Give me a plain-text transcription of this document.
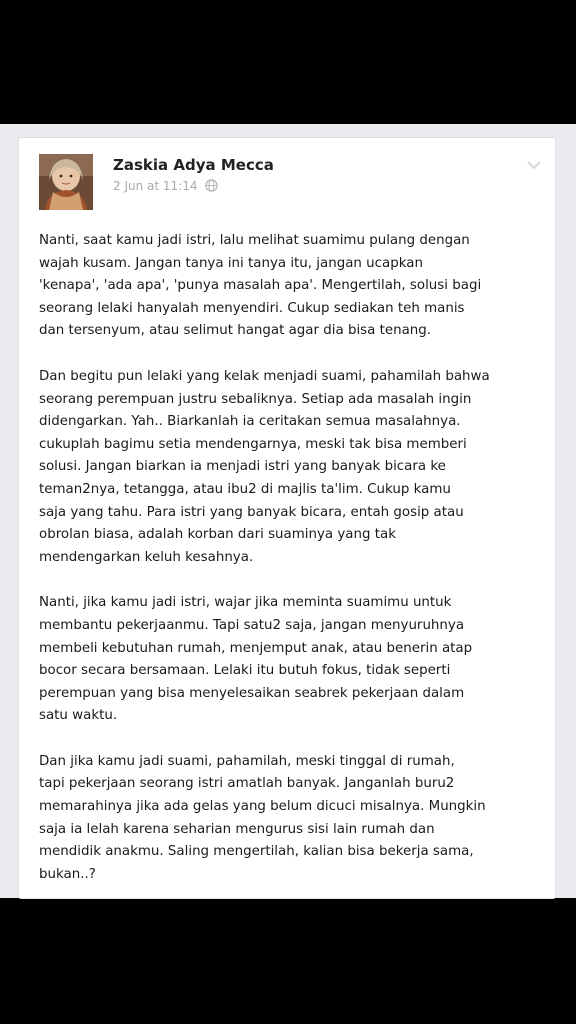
Zaskia Adya Mecca
2 Jun at 11:14

Nanti, saat kamu jadi istri, lalu melihat suamimu pulang dengan
wajah kusam. Jangan tanya ini tanya itu, jangan ucapkan
'kenapa', 'ada apa', 'punya masalah apa'. Mengertilah, solusi bagi
seorang lelaki hanyalah menyendiri. Cukup sediakan teh manis
dan tersenyum, atau selimut hangat agar dia bisa tenang.

Dan begitu pun lelaki yang kelak menjadi suami, pahamilah bahwa
seorang perempuan justru sebaliknya. Setiap ada masalah ingin
didengarkan. Yah.. Biarkanlah ia ceritakan semua masalahnya.
cukuplah bagimu setia mendengarnya, meski tak bisa memberi
solusi. Jangan biarkan ia menjadi istri yang banyak bicara ke
teman2nya, tetangga, atau ibu2 di majlis ta'lim. Cukup kamu
saja yang tahu. Para istri yang banyak bicara, entah gosip atau
obrolan biasa, adalah korban dari suaminya yang tak
mendengarkan keluh kesahnya.

Nanti, jika kamu jadi istri, wajar jika meminta suamimu untuk
membantu pekerjaanmu. Tapi satu2 saja, jangan menyuruhnya
membeli kebutuhan rumah, menjemput anak, atau benerin atap
bocor secara bersamaan. Lelaki itu butuh fokus, tidak seperti
perempuan yang bisa menyelesaikan seabrek pekerjaan dalam
satu waktu.

Dan jika kamu jadi suami, pahamilah, meski tinggal di rumah,
tapi pekerjaan seorang istri amatlah banyak. Janganlah buru2
memarahinya jika ada gelas yang belum dicuci misalnya. Mungkin
saja ia lelah karena seharian mengurus sisi lain rumah dan
mendidik anakmu. Saling mengertilah, kalian bisa bekerja sama,
bukan..?
